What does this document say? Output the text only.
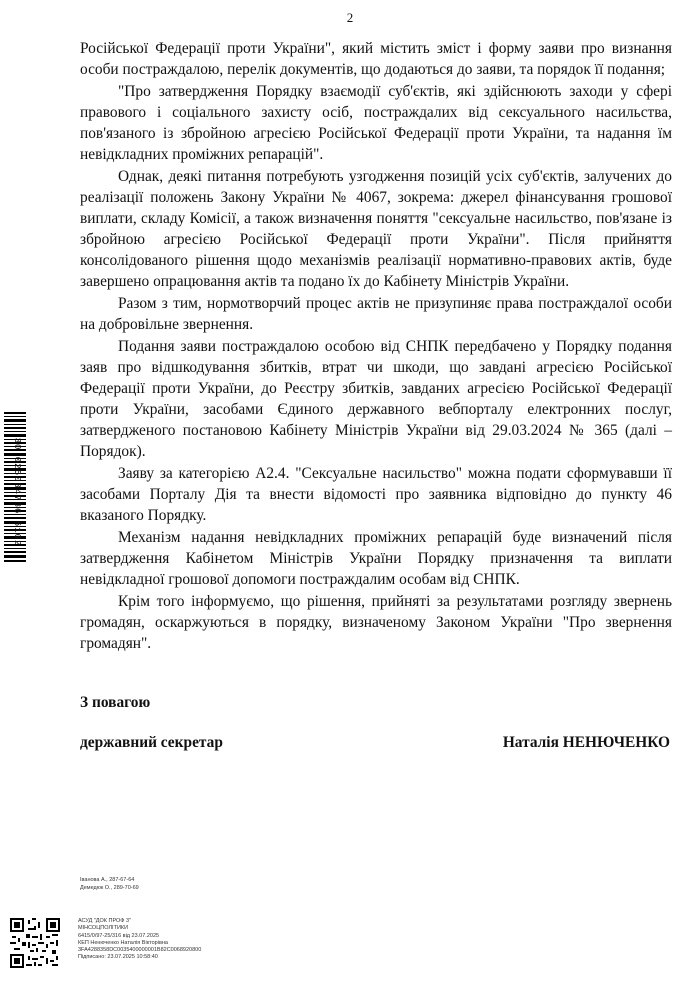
2

Російської Федерації проти України", який містить зміст і форму заяви про визнання особи постраждалою, перелік документів, що додаються до заяви, та порядок її подання;

"Про затвердження Порядку взаємодії суб'єктів, які здійснюють заходи у сфері правового і соціального захисту осіб, постраждалих від сексуального насильства, пов'язаного із збройною агресією Російської Федерації проти України, та надання їм невідкладних проміжних репарацій".

Однак, деякі питання потребують узгодження позицій усіх суб'єктів, залучених до реалізації положень Закону України № 4067, зокрема: джерел фінансування грошової виплати, складу Комісії, а також визначення поняття "сексуальне насильство, пов'язане із збройною агресією Російської Федерації проти України". Після прийняття консолідованого рішення щодо механізмів реалізації нормативно-правових актів, буде завершено опрацювання актів та подано їх до Кабінету Міністрів України.

Разом з тим, нормотворчий процес актів не призупиняє права постраждалої особи на добровільне звернення.

Подання заяви постраждалою особою від СНПК передбачено у Порядку подання заяв про відшкодування збитків, втрат чи шкоди, що завдані агресією Російської Федерації проти України, до Реєстру збитків, завданих агресією Російської Федерації проти України, засобами Єдиного державного вебпорталу електронних послуг, затвердженого постановою Кабінету Міністрів України від 29.03.2024 № 365 (далі – Порядок).

Заяву за категорією А2.4. "Сексуальне насильство" можна подати сформувавши її засобами Порталу Дія та внести відомості про заявника відповідно до пункту 46 вказаного Порядку.

Механізм надання невідкладних проміжних репарацій буде визначений після затвердження Кабінетом Міністрів України Порядку призначення та виплати невідкладної грошової допомоги постраждалим особам від СНПК.

Крім того інформуємо, що рішення, прийняті за результатами розгляду звернень громадян, оскаржуються в порядку, визначеному Законом України "Про звернення громадян".

З повагою
державний секретар	Наталія НЕНЮЧЕНКО
Іванова А., 287-67-64
Демедюк О., 289-70-69
30 025084786 6102
АСУД "ДОК ПРОФ 3"
МІНСОЦПОЛІТИКИ
6415/0/97-25/316 від 23.07.2025
КЕП Ненюченко Наталія Вікторівна
3FA4288358DC0035400000001B82C0068920800
Підписано: 23.07.2025 10:58:40
